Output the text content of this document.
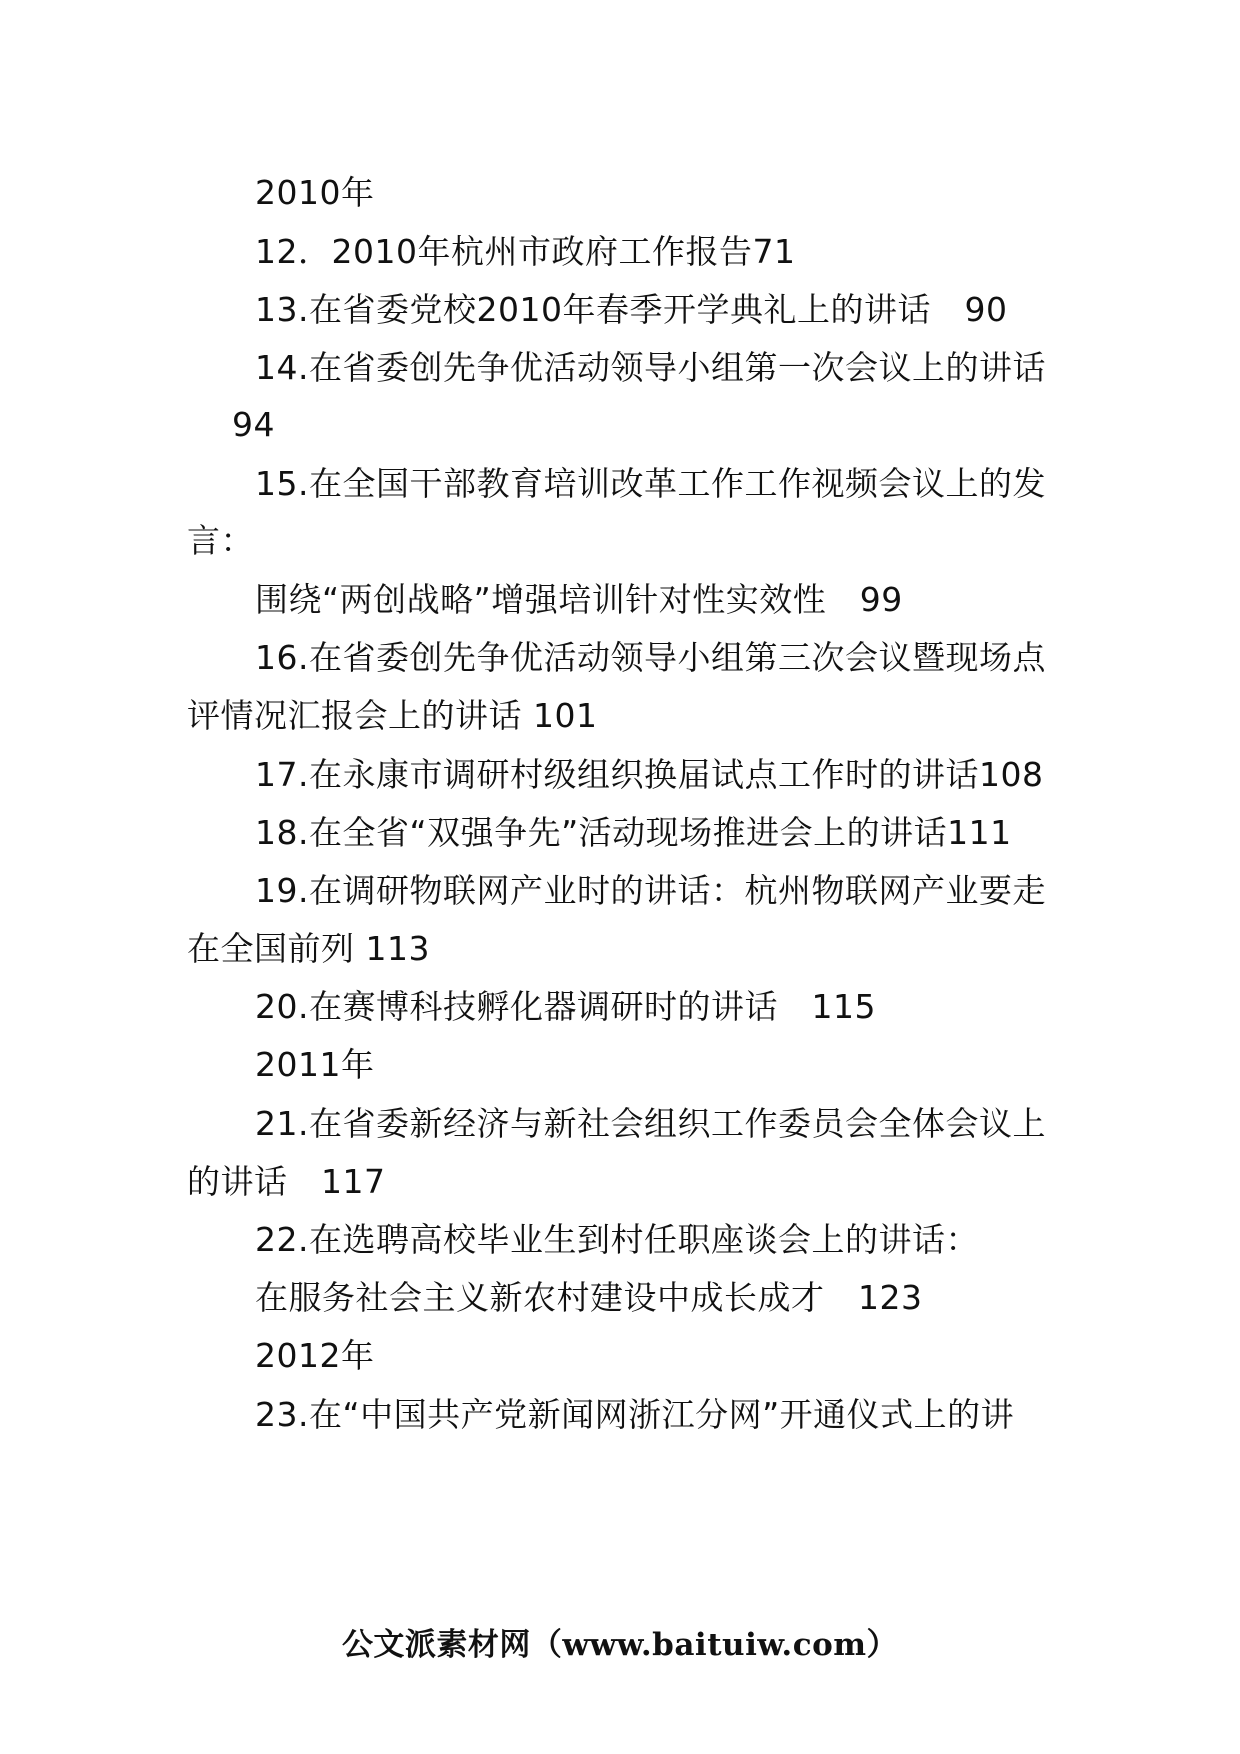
2010年
12．2010年杭州市政府工作报告71
13.在省委党校2010年春季开学典礼上的讲话　90
14.在省委创先争优活动领导小组第一次会议上的讲话
94
15.在全国干部教育培训改革工作工作视频会议上的发
言：
围绕“两创战略”增强培训针对性实效性　99
16.在省委创先争优活动领导小组第三次会议暨现场点
评情况汇报会上的讲话 101
17.在永康市调研村级组织换届试点工作时的讲话108
18.在全省“双强争先”活动现场推进会上的讲话111
19.在调研物联网产业时的讲话：杭州物联网产业要走
在全国前列 113
20.在赛博科技孵化器调研时的讲话　115
2011年
21.在省委新经济与新社会组织工作委员会全体会议上
的讲话　117
22.在选聘高校毕业生到村任职座谈会上的讲话：
在服务社会主义新农村建设中成长成才　123
2012年
23.在“中国共产党新闻网浙江分网”开通仪式上的讲
公文派素材网（www.baituiw.com）
